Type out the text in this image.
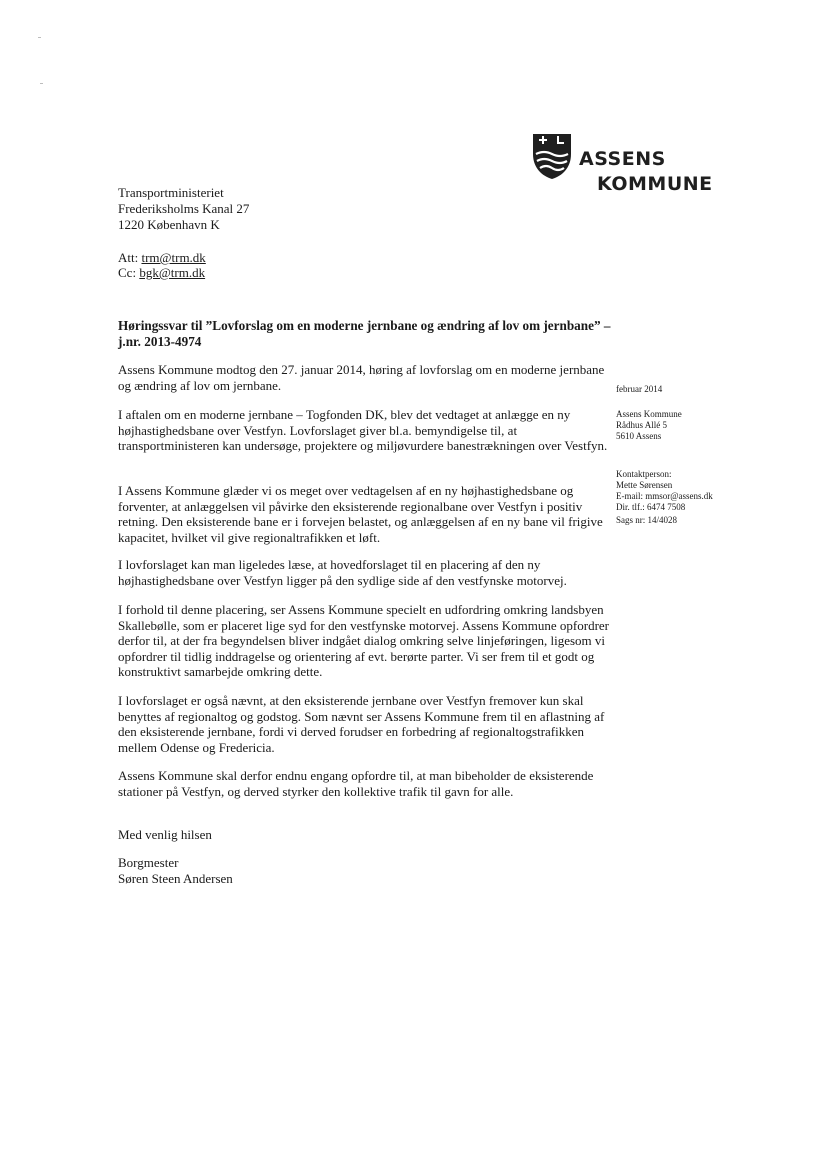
ASSENS
KOMMUNE
Transportministeriet
Frederiksholms Kanal 27
1220 København K
Att: trm@trm.dk
Cc: bgk@trm.dk
Høringssvar til ”Lovforslag om en moderne jernbane og ændring af lov om jernbane” – j.nr. 2013-4974

Assens Kommune modtog den 27. januar 2014, høring af lovforslag om en moderne jernbane og ændring af lov om jernbane.

I aftalen om en moderne jernbane – Togfonden DK, blev det vedtaget at anlægge en ny højhastighedsbane over Vestfyn. Lovforslaget giver bl.a. bemyndigelse til, at transportministeren kan undersøge, projektere og miljøvurdere banestrækningen over Vestfyn.

I Assens Kommune glæder vi os meget over vedtagelsen af en ny højhastighedsbane og forventer, at anlæggelsen vil påvirke den eksisterende regionalbane over Vestfyn i positiv retning. Den eksisterende bane er i forvejen belastet, og anlæggelsen af en ny bane vil frigive kapacitet, hvilket vil give regionaltrafikken et løft.

I lovforslaget kan man ligeledes læse, at hovedforslaget til en placering af den ny højhastighedsbane over Vestfyn ligger på den sydlige side af den vestfynske motorvej.

I forhold til denne placering, ser Assens Kommune specielt en udfordring omkring landsbyen Skallebølle, som er placeret lige syd for den vestfynske motorvej. Assens Kommune opfordrer derfor til, at der fra begyndelsen bliver indgået dialog omkring selve linjeføringen, ligesom vi opfordrer til tidlig inddragelse og orientering af evt. berørte parter. Vi ser frem til et godt og konstruktivt samarbejde omkring dette.

I lovforslaget er også nævnt, at den eksisterende jernbane over Vestfyn fremover kun skal benyttes af regionaltog og godstog. Som nævnt ser Assens Kommune frem til en aflastning af den eksisterende jernbane, fordi vi derved forudser en forbedring af regionaltogstrafikken mellem Odense og Fredericia.

Assens Kommune skal derfor endnu engang opfordre til, at man bibeholder de eksisterende stationer på Vestfyn, og derved styrker den kollektive trafik til gavn for alle.

Med venlig hilsen

Borgmester
Søren Steen Andersen
februar 2014
Assens Kommune
Rådhus Allé 5
5610 Assens
Kontaktperson:
Mette Sørensen
E-mail: mmsor@assens.dk
Dir. tlf.: 6474 7508
Sags nr: 14/4028
